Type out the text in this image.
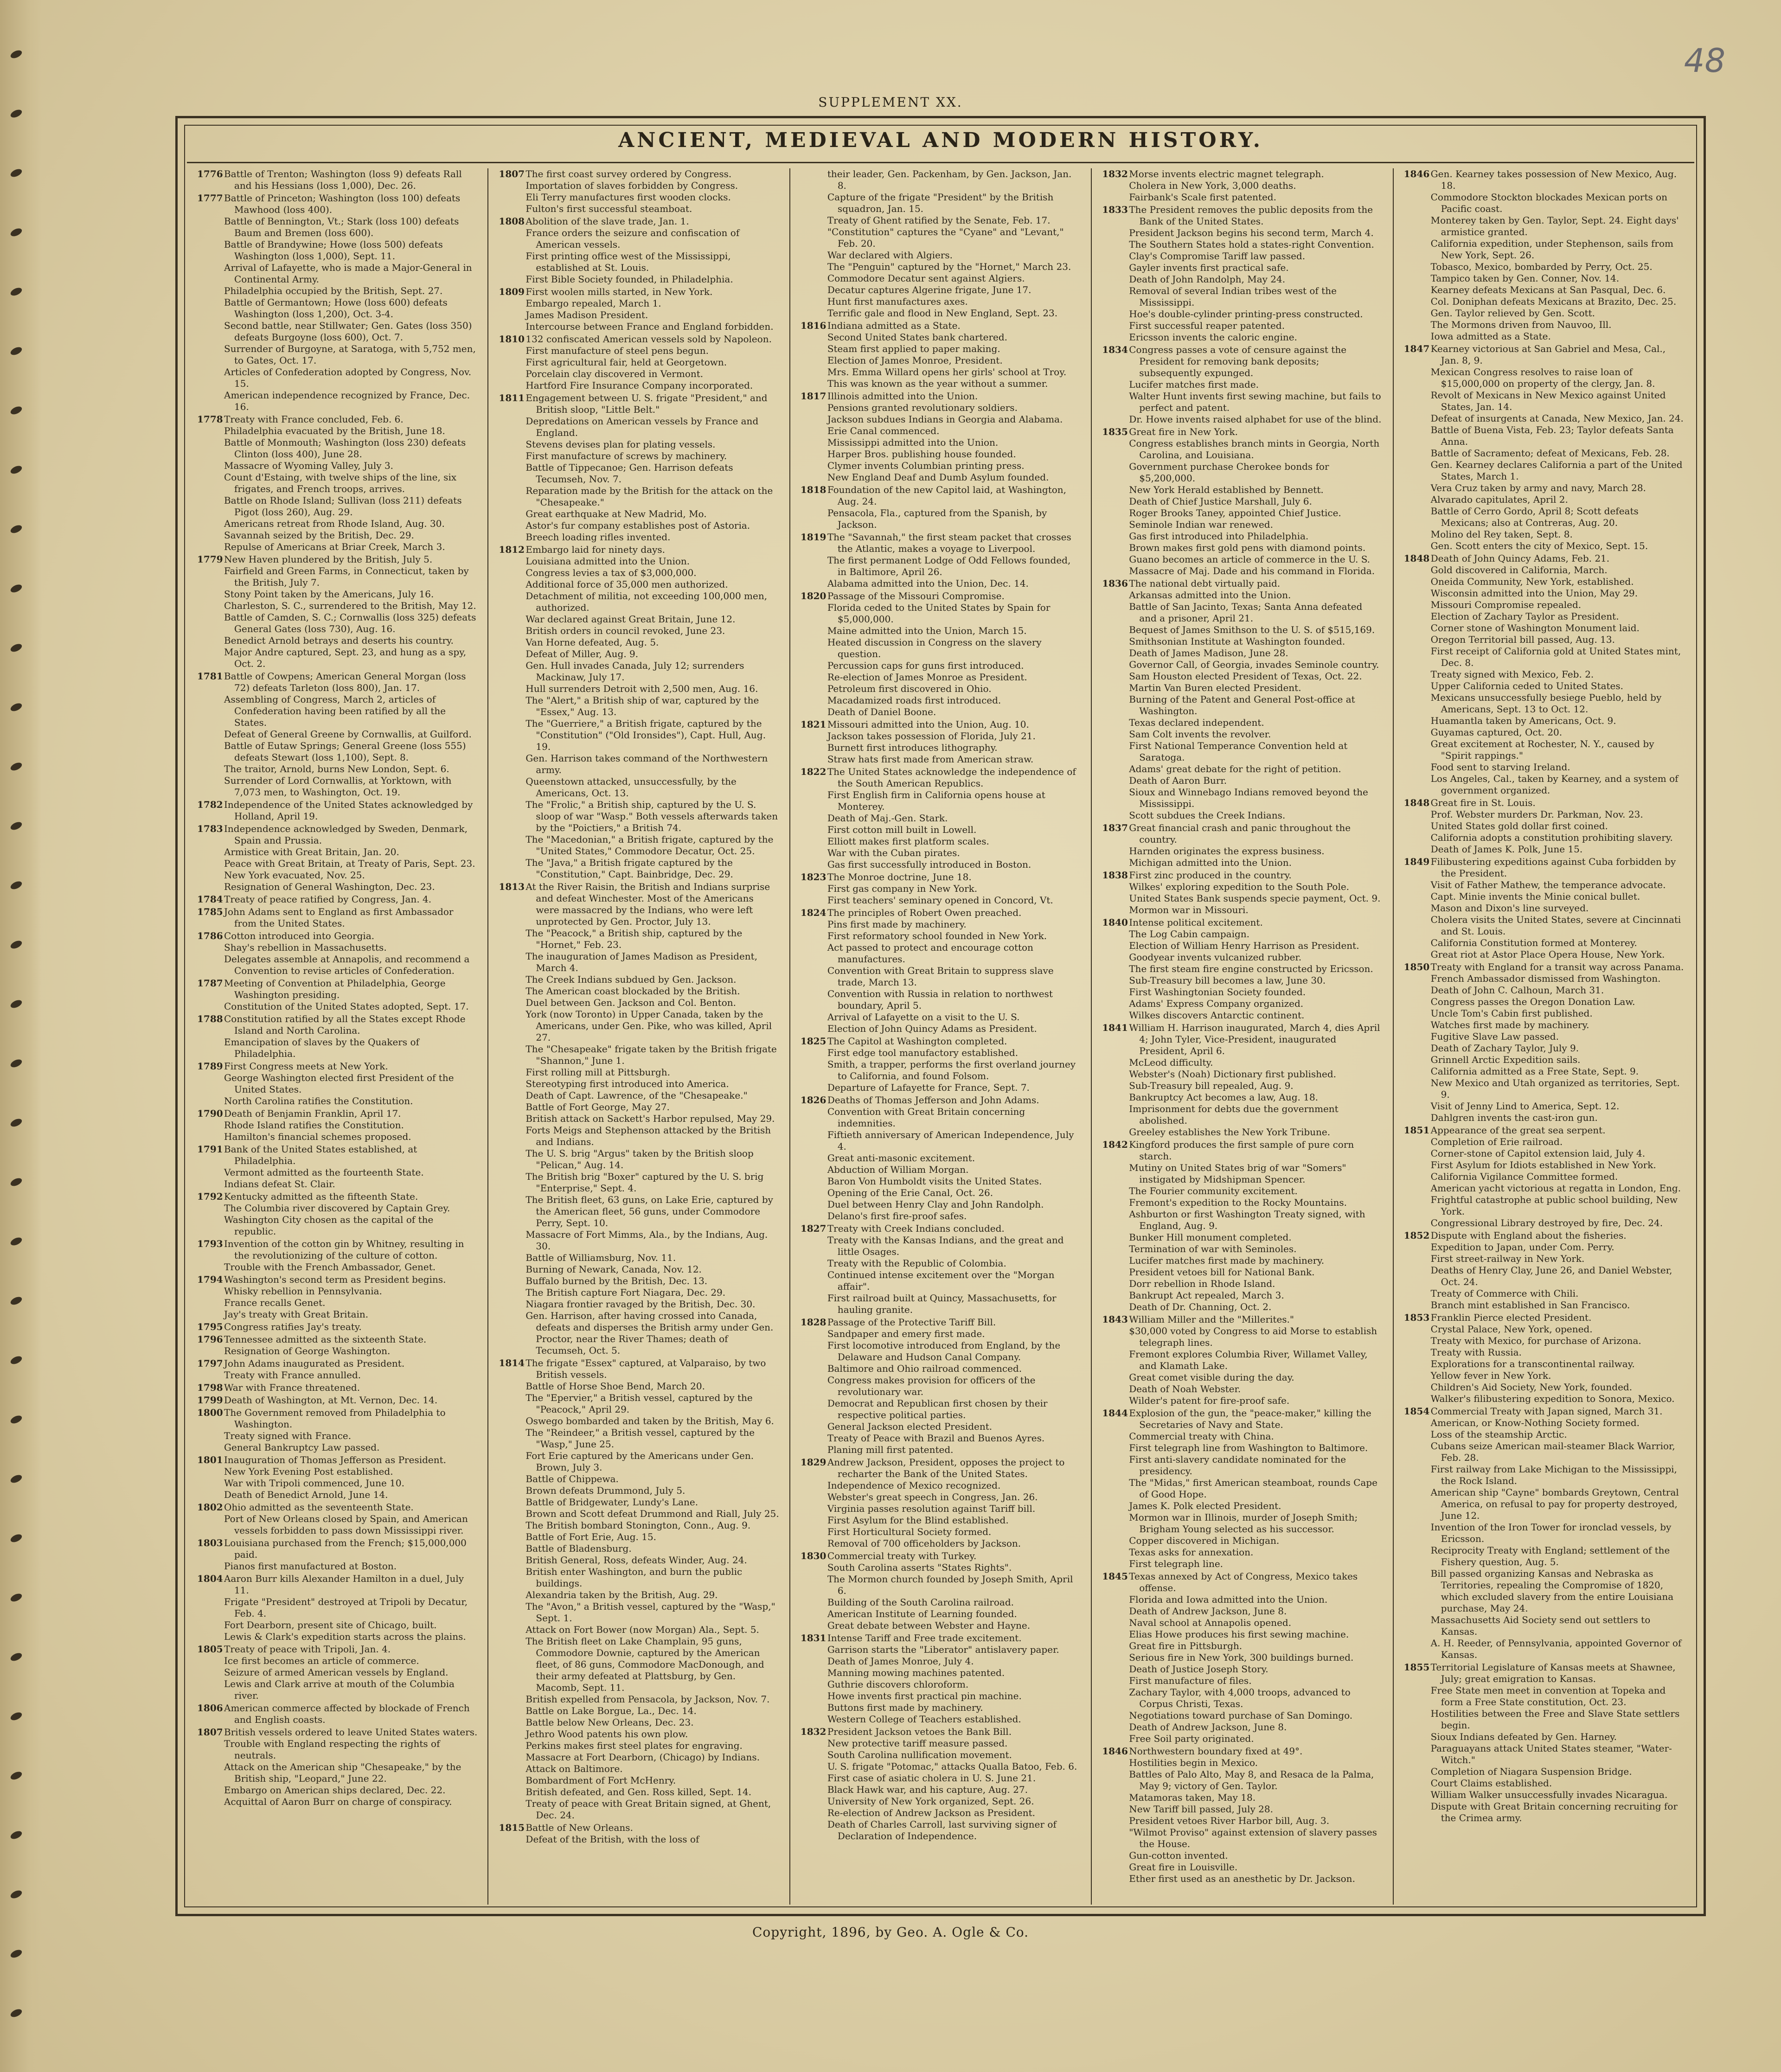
48
SUPPLEMENT XX.
ANCIENT, MEDIEVAL AND MODERN HISTORY.
1776 Battle of Trenton; Washington (loss 9) defeats Rall and his Hessians (loss 1,000), Dec. 26.
1777 Battle of Princeton; Washington (loss 100) defeats Mawhood (loss 400).
Battle of Bennington, Vt.; Stark (loss 100) defeats Baum and Bremen (loss 600).
Battle of Brandywine; Howe (loss 500) defeats Washington (loss 1,000), Sept. 11.
Arrival of Lafayette, who is made a Major-General in Continental Army.
Philadelphia occupied by the British, Sept. 27.
Battle of Germantown; Howe (loss 600) defeats Washington (loss 1,200), Oct. 3-4.
Second battle, near Stillwater; Gen. Gates (loss 350) defeats Burgoyne (loss 600), Oct. 7.
Surrender of Burgoyne, at Saratoga, with 5,752 men, to Gates, Oct. 17.
Articles of Confederation adopted by Congress, Nov. 15.
American independence recognized by France, Dec. 16.
1778 Treaty with France concluded, Feb. 6.
Philadelphia evacuated by the British, June 18.
Battle of Monmouth; Washington (loss 230) defeats Clinton (loss 400), June 28.
Massacre of Wyoming Valley, July 3.
Count d'Estaing, with twelve ships of the line, six frigates, and French troops, arrives.
Battle on Rhode Island; Sullivan (loss 211) defeats Pigot (loss 260), Aug. 29.
Americans retreat from Rhode Island, Aug. 30.
Savannah seized by the British, Dec. 29.
Repulse of Americans at Briar Creek, March 3.
1779 New Haven plundered by the British, July 5.
Fairfield and Green Farms, in Connecticut, taken by the British, July 7.
Stony Point taken by the Americans, July 16.
Charleston, S. C., surrendered to the British, May 12.
Battle of Camden, S. C.; Cornwallis (loss 325) defeats General Gates (loss 730), Aug. 16.
Benedict Arnold betrays and deserts his country.
Major Andre captured, Sept. 23, and hung as a spy, Oct. 2.
1781 Battle of Cowpens; American General Morgan (loss 72) defeats Tarleton (loss 800), Jan. 17.
Assembling of Congress, March 2, articles of Confederation having been ratified by all the States.
Defeat of General Greene by Cornwallis, at Guilford.
Battle of Eutaw Springs; General Greene (loss 555) defeats Stewart (loss 1,100), Sept. 8.
The traitor, Arnold, burns New London, Sept. 6.
Surrender of Lord Cornwallis, at Yorktown, with 7,073 men, to Washington, Oct. 19.
1782 Independence of the United States acknowledged by Holland, April 19.
1783 Independence acknowledged by Sweden, Denmark, Spain and Prussia.
Armistice with Great Britain, Jan. 20.
Peace with Great Britain, at Treaty of Paris, Sept. 23.
New York evacuated, Nov. 25.
Resignation of General Washington, Dec. 23.
1784 Treaty of peace ratified by Congress, Jan. 4.
1785 John Adams sent to England as first Ambassador from the United States.
1786 Cotton introduced into Georgia.
Shay's rebellion in Massachusetts.
Delegates assemble at Annapolis, and recommend a Convention to revise articles of Confederation.
1787 Meeting of Convention at Philadelphia, George Washington presiding.
Constitution of the United States adopted, Sept. 17.
1788 Constitution ratified by all the States except Rhode Island and North Carolina.
Emancipation of slaves by the Quakers of Philadelphia.
1789 First Congress meets at New York.
George Washington elected first President of the United States.
North Carolina ratifies the Constitution.
1790 Death of Benjamin Franklin, April 17.
Rhode Island ratifies the Constitution.
Hamilton's financial schemes proposed.
1791 Bank of the United States established, at Philadelphia.
Vermont admitted as the fourteenth State.
Indians defeat St. Clair.
1792 Kentucky admitted as the fifteenth State.
The Columbia river discovered by Captain Grey.
Washington City chosen as the capital of the republic.
1793 Invention of the cotton gin by Whitney, resulting in the revolutionizing of the culture of cotton.
Trouble with the French Ambassador, Genet.
1794 Washington's second term as President begins.
Whisky rebellion in Pennsylvania.
France recalls Genet.
Jay's treaty with Great Britain.
1795 Congress ratifies Jay's treaty.
1796 Tennessee admitted as the sixteenth State.
Resignation of George Washington.
1797 John Adams inaugurated as President.
Treaty with France annulled.
1798 War with France threatened.
1799 Death of Washington, at Mt. Vernon, Dec. 14.
1800 The Government removed from Philadelphia to Washington.
Treaty signed with France.
General Bankruptcy Law passed.
1801 Inauguration of Thomas Jefferson as President.
New York Evening Post established.
War with Tripoli commenced, June 10.
Death of Benedict Arnold, June 14.
1802 Ohio admitted as the seventeenth State.
Port of New Orleans closed by Spain, and American vessels forbidden to pass down Mississippi river.
1803 Louisiana purchased from the French; $15,000,000 paid.
Pianos first manufactured at Boston.
1804 Aaron Burr kills Alexander Hamilton in a duel, July 11.
Frigate "President" destroyed at Tripoli by Decatur, Feb. 4.
Fort Dearborn, present site of Chicago, built.
Lewis & Clark's expedition starts across the plains.
1805 Treaty of peace with Tripoli, Jan. 4.
Ice first becomes an article of commerce.
Seizure of armed American vessels by England.
Lewis and Clark arrive at mouth of the Columbia river.
1806 American commerce affected by blockade of French and English coasts.
1807 British vessels ordered to leave United States waters.
Trouble with England respecting the rights of neutrals.
Attack on the American ship "Chesapeake," by the British ship, "Leopard," June 22.
Embargo on American ships declared, Dec. 22.
Acquittal of Aaron Burr on charge of conspiracy.
1807 The first coast survey ordered by Congress.
Importation of slaves forbidden by Congress.
Eli Terry manufactures first wooden clocks.
Fulton's first successful steamboat.
1808 Abolition of the slave trade, Jan. 1.
France orders the seizure and confiscation of American vessels.
First printing office west of the Mississippi, established at St. Louis.
First Bible Society founded, in Philadelphia.
1809 First woolen mills started, in New York.
Embargo repealed, March 1.
James Madison President.
Intercourse between France and England forbidden.
1810 132 confiscated American vessels sold by Napoleon.
First manufacture of steel pens begun.
First agricultural fair, held at Georgetown.
Porcelain clay discovered in Vermont.
Hartford Fire Insurance Company incorporated.
1811 Engagement between U. S. frigate "President," and British sloop, "Little Belt."
Depredations on American vessels by France and England.
Stevens devises plan for plating vessels.
First manufacture of screws by machinery.
Battle of Tippecanoe; Gen. Harrison defeats Tecumseh, Nov. 7.
Reparation made by the British for the attack on the "Chesapeake."
Great earthquake at New Madrid, Mo.
Astor's fur company establishes post of Astoria.
Breech loading rifles invented.
1812 Embargo laid for ninety days.
Louisiana admitted into the Union.
Congress levies a tax of $3,000,000.
Additional force of 35,000 men authorized.
Detachment of militia, not exceeding 100,000 men, authorized.
War declared against Great Britain, June 12.
British orders in council revoked, June 23.
Van Horne defeated, Aug. 5.
Defeat of Miller, Aug. 9.
Gen. Hull invades Canada, July 12; surrenders Mackinaw, July 17.
Hull surrenders Detroit with 2,500 men, Aug. 16.
The "Alert," a British ship of war, captured by the "Essex," Aug. 13.
The "Guerriere," a British frigate, captured by the "Constitution" ("Old Ironsides"), Capt. Hull, Aug. 19.
Gen. Harrison takes command of the Northwestern army.
Queenstown attacked, unsuccessfully, by the Americans, Oct. 13.
The "Frolic," a British ship, captured by the U. S. sloop of war "Wasp." Both vessels afterwards taken by the "Poictiers," a British 74.
The "Macedonian," a British frigate, captured by the "United States," Commodore Decatur, Oct. 25.
The "Java," a British frigate captured by the "Constitution," Capt. Bainbridge, Dec. 29.
1813 At the River Raisin, the British and Indians surprise and defeat Winchester. Most of the Americans were massacred by the Indians, who were left unprotected by Gen. Proctor, July 13.
The "Peacock," a British ship, captured by the "Hornet," Feb. 23.
The inauguration of James Madison as President, March 4.
The Creek Indians subdued by Gen. Jackson.
The American coast blockaded by the British.
Duel between Gen. Jackson and Col. Benton.
York (now Toronto) in Upper Canada, taken by the Americans, under Gen. Pike, who was killed, April 27.
The "Chesapeake" frigate taken by the British frigate "Shannon," June 1.
First rolling mill at Pittsburgh.
Stereotyping first introduced into America.
Death of Capt. Lawrence, of the "Chesapeake."
Battle of Fort George, May 27.
British attack on Sackett's Harbor repulsed, May 29.
Forts Meigs and Stephenson attacked by the British and Indians.
The U. S. brig "Argus" taken by the British sloop "Pelican," Aug. 14.
The British brig "Boxer" captured by the U. S. brig "Enterprise," Sept. 4.
The British fleet, 63 guns, on Lake Erie, captured by the American fleet, 56 guns, under Commodore Perry, Sept. 10.
Massacre of Fort Mimms, Ala., by the Indians, Aug. 30.
Battle of Williamsburg, Nov. 11.
Burning of Newark, Canada, Nov. 12.
Buffalo burned by the British, Dec. 13.
The British capture Fort Niagara, Dec. 29.
Niagara frontier ravaged by the British, Dec. 30.
Gen. Harrison, after having crossed into Canada, defeats and disperses the British army under Gen. Proctor, near the River Thames; death of Tecumseh, Oct. 5.
1814 The frigate "Essex" captured, at Valparaiso, by two British vessels.
Battle of Horse Shoe Bend, March 20.
The "Epervier," a British vessel, captured by the "Peacock," April 29.
Oswego bombarded and taken by the British, May 6.
The "Reindeer," a British vessel, captured by the "Wasp," June 25.
Fort Erie captured by the Americans under Gen. Brown, July 3.
Battle of Chippewa.
Brown defeats Drummond, July 5.
Battle of Bridgewater, Lundy's Lane.
Brown and Scott defeat Drummond and Riall, July 25.
The British bombard Stonington, Conn., Aug. 9.
Battle of Fort Erie, Aug. 15.
Battle of Bladensburg.
British General, Ross, defeats Winder, Aug. 24.
British enter Washington, and burn the public buildings.
Alexandria taken by the British, Aug. 29.
The "Avon," a British vessel, captured by the "Wasp," Sept. 1.
Attack on Fort Bower (now Morgan) Ala., Sept. 5.
The British fleet on Lake Champlain, 95 guns, Commodore Downie, captured by the American fleet, of 86 guns, Commodore MacDonough, and their army defeated at Plattsburg, by Gen. Macomb, Sept. 11.
British expelled from Pensacola, by Jackson, Nov. 7.
Battle on Lake Borgue, La., Dec. 14.
Battle below New Orleans, Dec. 23.
Jethro Wood patents his own plow.
Perkins makes first steel plates for engraving.
Massacre at Fort Dearborn, (Chicago) by Indians.
Attack on Baltimore.
Bombardment of Fort McHenry.
British defeated, and Gen. Ross killed, Sept. 14.
Treaty of peace with Great Britain signed, at Ghent, Dec. 24.
1815 Battle of New Orleans.
Defeat of the British, with the loss of
their leader, Gen. Packenham, by Gen. Jackson, Jan. 8.
Capture of the frigate "President" by the British squadron, Jan. 15.
Treaty of Ghent ratified by the Senate, Feb. 17.
"Constitution" captures the "Cyane" and "Levant," Feb. 20.
War declared with Algiers.
The "Penguin" captured by the "Hornet," March 23.
Commodore Decatur sent against Algiers.
Decatur captures Algerine frigate, June 17.
Hunt first manufactures axes.
Terrific gale and flood in New England, Sept. 23.
1816 Indiana admitted as a State.
Second United States bank chartered.
Steam first applied to paper making.
Election of James Monroe, President.
Mrs. Emma Willard opens her girls' school at Troy.
This was known as the year without a summer.
1817 Illinois admitted into the Union.
Pensions granted revolutionary soldiers.
Jackson subdues Indians in Georgia and Alabama.
Erie Canal commenced.
Mississippi admitted into the Union.
Harper Bros. publishing house founded.
Clymer invents Columbian printing press.
New England Deaf and Dumb Asylum founded.
1818 Foundation of the new Capitol laid, at Washington, Aug. 24.
Pensacola, Fla., captured from the Spanish, by Jackson.
1819 The "Savannah," the first steam packet that crosses the Atlantic, makes a voyage to Liverpool.
The first permanent Lodge of Odd Fellows founded, in Baltimore, April 26.
Alabama admitted into the Union, Dec. 14.
1820 Passage of the Missouri Compromise.
Florida ceded to the United States by Spain for $5,000,000.
Maine admitted into the Union, March 15.
Heated discussion in Congress on the slavery question.
Percussion caps for guns first introduced.
Re-election of James Monroe as President.
Petroleum first discovered in Ohio.
Macadamized roads first introduced.
Death of Daniel Boone.
1821 Missouri admitted into the Union, Aug. 10.
Jackson takes possession of Florida, July 21.
Burnett first introduces lithography.
Straw hats first made from American straw.
1822 The United States acknowledge the independence of the South American Republics.
First English firm in California opens house at Monterey.
Death of Maj.-Gen. Stark.
First cotton mill built in Lowell.
Elliott makes first platform scales.
War with the Cuban pirates.
Gas first successfully introduced in Boston.
1823 The Monroe doctrine, June 18.
First gas company in New York.
First teachers' seminary opened in Concord, Vt.
1824 The principles of Robert Owen preached.
Pins first made by machinery.
First reformatory school founded in New York.
Act passed to protect and encourage cotton manufactures.
Convention with Great Britain to suppress slave trade, March 13.
Convention with Russia in relation to northwest boundary, April 5.
Arrival of Lafayette on a visit to the U. S.
Election of John Quincy Adams as President.
1825 The Capitol at Washington completed.
First edge tool manufactory established.
Smith, a trapper, performs the first overland journey to California, and found Folsom.
Departure of Lafayette for France, Sept. 7.
1826 Deaths of Thomas Jefferson and John Adams.
Convention with Great Britain concerning indemnities.
Fiftieth anniversary of American Independence, July 4.
Great anti-masonic excitement.
Abduction of William Morgan.
Baron Von Humboldt visits the United States.
Opening of the Erie Canal, Oct. 26.
Duel between Henry Clay and John Randolph.
Delano's first fire-proof safes.
1827 Treaty with Creek Indians concluded.
Treaty with the Kansas Indians, and the great and little Osages.
Treaty with the Republic of Colombia.
Continued intense excitement over the "Morgan affair".
First railroad built at Quincy, Massachusetts, for hauling granite.
1828 Passage of the Protective Tariff Bill.
Sandpaper and emery first made.
First locomotive introduced from England, by the Delaware and Hudson Canal Company.
Baltimore and Ohio railroad commenced.
Congress makes provision for officers of the revolutionary war.
Democrat and Republican first chosen by their respective political parties.
General Jackson elected President.
Treaty of Peace with Brazil and Buenos Ayres.
Planing mill first patented.
1829 Andrew Jackson, President, opposes the project to recharter the Bank of the United States.
Independence of Mexico recognized.
Webster's great speech in Congress, Jan. 26.
Virginia passes resolution against Tariff bill.
First Asylum for the Blind established.
First Horticultural Society formed.
Removal of 700 officeholders by Jackson.
1830 Commercial treaty with Turkey.
South Carolina asserts "States Rights".
The Mormon church founded by Joseph Smith, April 6.
Building of the South Carolina railroad.
American Institute of Learning founded.
Great debate between Webster and Hayne.
1831 Intense Tariff and Free trade excitement.
Garrison starts the "Liberator" antislavery paper.
Death of James Monroe, July 4.
Manning mowing machines patented.
Guthrie discovers chloroform.
Howe invents first practical pin machine.
Buttons first made by machinery.
Western College of Teachers established.
1832 President Jackson vetoes the Bank Bill.
New protective tariff measure passed.
South Carolina nullification movement.
U. S. frigate "Potomac," attacks Qualla Batoo, Feb. 6.
First case of asiatic cholera in U. S. June 21.
Black Hawk war, and his capture, Aug. 27.
University of New York organized, Sept. 26.
Re-election of Andrew Jackson as President.
Death of Charles Carroll, last surviving signer of Declaration of Independence.
1832 Morse invents electric magnet telegraph.
Cholera in New York, 3,000 deaths.
Fairbank's Scale first patented.
1833 The President removes the public deposits from the Bank of the United States.
President Jackson begins his second term, March 4.
The Southern States hold a states-right Convention.
Clay's Compromise Tariff law passed.
Gayler invents first practical safe.
Death of John Randolph, May 24.
Removal of several Indian tribes west of the Mississippi.
Hoe's double-cylinder printing-press constructed.
First successful reaper patented.
Ericsson invents the caloric engine.
1834 Congress passes a vote of censure against the President for removing bank deposits; subsequently expunged.
Lucifer matches first made.
Walter Hunt invents first sewing machine, but fails to perfect and patent.
Dr. Howe invents raised alphabet for use of the blind.
1835 Great fire in New York.
Congress establishes branch mints in Georgia, North Carolina, and Louisiana.
Government purchase Cherokee bonds for $5,200,000.
New York Herald established by Bennett.
Death of Chief Justice Marshall, July 6.
Roger Brooks Taney, appointed Chief Justice.
Seminole Indian war renewed.
Gas first introduced into Philadelphia.
Brown makes first gold pens with diamond points.
Guano becomes an article of commerce in the U. S.
Massacre of Maj. Dade and his command in Florida.
1836 The national debt virtually paid.
Arkansas admitted into the Union.
Battle of San Jacinto, Texas; Santa Anna defeated and a prisoner, April 21.
Bequest of James Smithson to the U. S. of $515,169.
Smithsonian Institute at Washington founded.
Death of James Madison, June 28.
Governor Call, of Georgia, invades Seminole country.
Sam Houston elected President of Texas, Oct. 22.
Martin Van Buren elected President.
Burning of the Patent and General Post-office at Washington.
Texas declared independent.
Sam Colt invents the revolver.
First National Temperance Convention held at Saratoga.
Adams' great debate for the right of petition.
Death of Aaron Burr.
Sioux and Winnebago Indians removed beyond the Mississippi.
Scott subdues the Creek Indians.
1837 Great financial crash and panic throughout the country.
Harnden originates the express business.
Michigan admitted into the Union.
1838 First zinc produced in the country.
Wilkes' exploring expedition to the South Pole.
United States Bank suspends specie payment, Oct. 9.
Mormon war in Missouri.
1840 Intense political excitement.
The Log Cabin campaign.
Election of William Henry Harrison as President.
Goodyear invents vulcanized rubber.
The first steam fire engine constructed by Ericsson.
Sub-Treasury bill becomes a law, June 30.
First Washingtonian Society founded.
Adams' Express Company organized.
Wilkes discovers Antarctic continent.
1841 William H. Harrison inaugurated, March 4, dies April 4; John Tyler, Vice-President, inaugurated President, April 6.
McLeod difficulty.
Webster's (Noah) Dictionary first published.
Sub-Treasury bill repealed, Aug. 9.
Bankruptcy Act becomes a law, Aug. 18.
Imprisonment for debts due the government abolished.
Greeley establishes the New York Tribune.
1842 Kingford produces the first sample of pure corn starch.
Mutiny on United States brig of war "Somers" instigated by Midshipman Spencer.
The Fourier community excitement.
Fremont's expedition to the Rocky Mountains.
Ashburton or first Washington Treaty signed, with England, Aug. 9.
Bunker Hill monument completed.
Termination of war with Seminoles.
Lucifer matches first made by machinery.
President vetoes bill for National Bank.
Dorr rebellion in Rhode Island.
Bankrupt Act repealed, March 3.
Death of Dr. Channing, Oct. 2.
1843 William Miller and the "Millerites."
$30,000 voted by Congress to aid Morse to establish telegraph lines.
Fremont explores Columbia River, Willamet Valley, and Klamath Lake.
Great comet visible during the day.
Death of Noah Webster.
Wilder's patent for fire-proof safe.
1844 Explosion of the gun, the "peace-maker," killing the Secretaries of Navy and State.
Commercial treaty with China.
First telegraph line from Washington to Baltimore.
First anti-slavery candidate nominated for the presidency.
The "Midas," first American steamboat, rounds Cape of Good Hope.
James K. Polk elected President.
Mormon war in Illinois, murder of Joseph Smith; Brigham Young selected as his successor.
Copper discovered in Michigan.
Texas asks for annexation.
First telegraph line.
1845 Texas annexed by Act of Congress, Mexico takes offense.
Florida and Iowa admitted into the Union.
Death of Andrew Jackson, June 8.
Naval school at Annapolis opened.
Elias Howe produces his first sewing machine.
Great fire in Pittsburgh.
Serious fire in New York, 300 buildings burned.
Death of Justice Joseph Story.
First manufacture of files.
Zachary Taylor, with 4,000 troops, advanced to Corpus Christi, Texas.
Negotiations toward purchase of San Domingo.
Death of Andrew Jackson, June 8.
Free Soil party originated.
1846 Northwestern boundary fixed at 49°.
Hostilities begin in Mexico.
Battles of Palo Alto, May 8, and Resaca de la Palma, May 9; victory of Gen. Taylor.
Matamoras taken, May 18.
New Tariff bill passed, July 28.
President vetoes River Harbor bill, Aug. 3.
"Wilmot Proviso" against extension of slavery passes the House.
Gun-cotton invented.
Great fire in Louisville.
Ether first used as an anesthetic by Dr. Jackson.
1846 Gen. Kearney takes possession of New Mexico, Aug. 18.
Commodore Stockton blockades Mexican ports on Pacific coast.
Monterey taken by Gen. Taylor, Sept. 24. Eight days' armistice granted.
California expedition, under Stephenson, sails from New York, Sept. 26.
Tobasco, Mexico, bombarded by Perry, Oct. 25.
Tampico taken by Gen. Conner, Nov. 14.
Kearney defeats Mexicans at San Pasqual, Dec. 6.
Col. Doniphan defeats Mexicans at Brazito, Dec. 25.
Gen. Taylor relieved by Gen. Scott.
The Mormons driven from Nauvoo, Ill.
Iowa admitted as a State.
1847 Kearney victorious at San Gabriel and Mesa, Cal., Jan. 8, 9.
Mexican Congress resolves to raise loan of $15,000,000 on property of the clergy, Jan. 8.
Revolt of Mexicans in New Mexico against United States, Jan. 14.
Defeat of insurgents at Canada, New Mexico, Jan. 24.
Battle of Buena Vista, Feb. 23; Taylor defeats Santa Anna.
Battle of Sacramento; defeat of Mexicans, Feb. 28.
Gen. Kearney declares California a part of the United States, March 1.
Vera Cruz taken by army and navy, March 28.
Alvarado capitulates, April 2.
Battle of Cerro Gordo, April 8; Scott defeats Mexicans; also at Contreras, Aug. 20.
Molino del Rey taken, Sept. 8.
Gen. Scott enters the city of Mexico, Sept. 15.
1848 Death of John Quincy Adams, Feb. 21.
Gold discovered in California, March.
Oneida Community, New York, established.
Wisconsin admitted into the Union, May 29.
Missouri Compromise repealed.
Election of Zachary Taylor as President.
Corner stone of Washington Monument laid.
Oregon Territorial bill passed, Aug. 13.
First receipt of California gold at United States mint, Dec. 8.
Treaty signed with Mexico, Feb. 2.
Upper California ceded to United States.
Mexicans unsuccessfully besiege Pueblo, held by Americans, Sept. 13 to Oct. 12.
Huamantla taken by Americans, Oct. 9.
Guyamas captured, Oct. 20.
Great excitement at Rochester, N. Y., caused by "Spirit rappings."
Food sent to starving Ireland.
Los Angeles, Cal., taken by Kearney, and a system of government organized.
1848 Great fire in St. Louis.
Prof. Webster murders Dr. Parkman, Nov. 23.
United States gold dollar first coined.
California adopts a constitution prohibiting slavery.
Death of James K. Polk, June 15.
1849 Filibustering expeditions against Cuba forbidden by the President.
Visit of Father Mathew, the temperance advocate.
Capt. Minie invents the Minie conical bullet.
Mason and Dixon's line surveyed.
Cholera visits the United States, severe at Cincinnati and St. Louis.
California Constitution formed at Monterey.
Great riot at Astor Place Opera House, New York.
1850 Treaty with England for a transit way across Panama.
French Ambassador dismissed from Washington.
Death of John C. Calhoun, March 31.
Congress passes the Oregon Donation Law.
Uncle Tom's Cabin first published.
Watches first made by machinery.
Fugitive Slave Law passed.
Death of Zachary Taylor, July 9.
Grinnell Arctic Expedition sails.
California admitted as a Free State, Sept. 9.
New Mexico and Utah organized as territories, Sept. 9.
Visit of Jenny Lind to America, Sept. 12.
Dahlgren invents the cast-iron gun.
1851 Appearance of the great sea serpent.
Completion of Erie railroad.
Corner-stone of Capitol extension laid, July 4.
First Asylum for Idiots established in New York.
California Vigilance Committee formed.
American yacht victorious at regatta in London, Eng.
Frightful catastrophe at public school building, New York.
Congressional Library destroyed by fire, Dec. 24.
1852 Dispute with England about the fisheries.
Expedition to Japan, under Com. Perry.
First street-railway in New York.
Deaths of Henry Clay, June 26, and Daniel Webster, Oct. 24.
Treaty of Commerce with Chili.
Branch mint established in San Francisco.
1853 Franklin Pierce elected President.
Crystal Palace, New York, opened.
Treaty with Mexico, for purchase of Arizona.
Treaty with Russia.
Explorations for a transcontinental railway.
Yellow fever in New York.
Children's Aid Society, New York, founded.
Walker's filibustering expedition to Sonora, Mexico.
1854 Commercial Treaty with Japan signed, March 31.
American, or Know-Nothing Society formed.
Loss of the steamship Arctic.
Cubans seize American mail-steamer Black Warrior, Feb. 28.
First railway from Lake Michigan to the Mississippi, the Rock Island.
American ship "Cayne" bombards Greytown, Central America, on refusal to pay for property destroyed, June 12.
Invention of the Iron Tower for ironclad vessels, by Ericsson.
Reciprocity Treaty with England; settlement of the Fishery question, Aug. 5.
Bill passed organizing Kansas and Nebraska as Territories, repealing the Compromise of 1820, which excluded slavery from the entire Louisiana purchase, May 24.
Massachusetts Aid Society send out settlers to Kansas.
A. H. Reeder, of Pennsylvania, appointed Governor of Kansas.
1855 Territorial Legislature of Kansas meets at Shawnee, July; great emigration to Kansas.
Free State men meet in convention at Topeka and form a Free State constitution, Oct. 23.
Hostilities between the Free and Slave State settlers begin.
Sioux Indians defeated by Gen. Harney.
Paraguayans attack United States steamer, "Water-Witch."
Completion of Niagara Suspension Bridge.
Court Claims established.
William Walker unsuccessfully invades Nicaragua.
Dispute with Great Britain concerning recruiting for the Crimea army.
Copyright, 1896, by Geo. A. Ogle & Co.
